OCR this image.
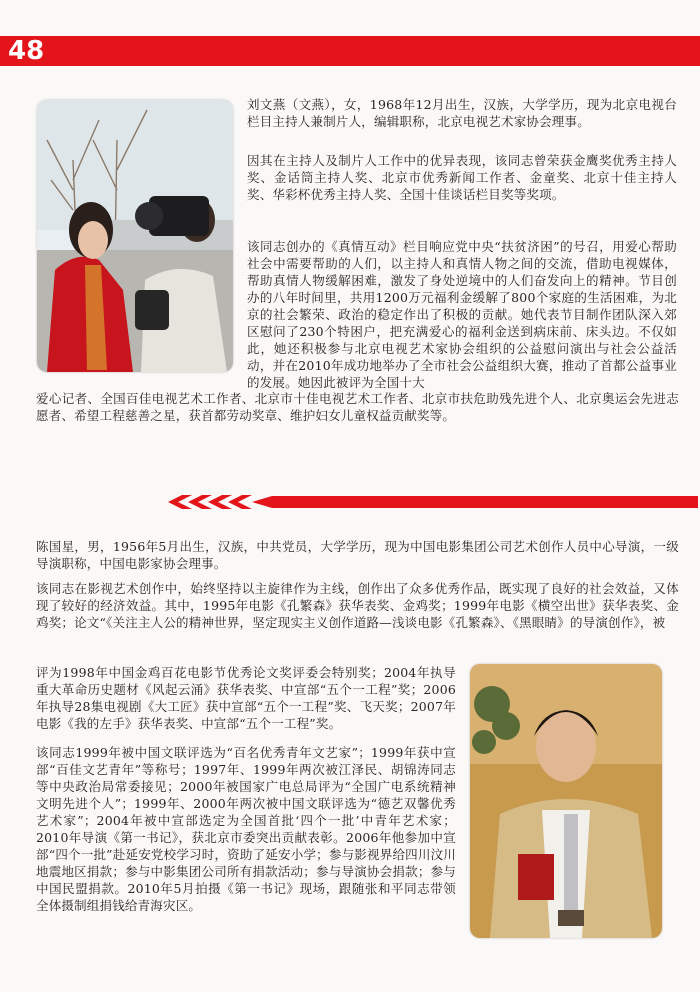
48

刘文燕（文燕），女，1968年12月出生，汉族，大学学历，现为北京电视台栏目主持人兼制片人，编辑职称，北京电视艺术家协会理事。

因其在主持人及制片人工作中的优异表现，该同志曾荣获金鹰奖优秀主持人奖、金话筒主持人奖、北京市优秀新闻工作者、金童奖、北京十佳主持人奖、华彩杯优秀主持人奖、全国十佳谈话栏目奖等奖项。

该同志创办的《真情互动》栏目响应党中央“扶贫济困”的号召，用爱心帮助社会中需要帮助的人们，以主持人和真情人物之间的交流，借助电视媒体，帮助真情人物缓解困难，激发了身处逆境中的人们奋发向上的精神。节目创办的八年时间里，共用1200万元福利金缓解了800个家庭的生活困难，为北京的社会繁荣、政治的稳定作出了积极的贡献。她代表节目制作团队深入郊区慰问了230个特困户，把充满爱心的福利金送到病床前、床头边。不仅如此，她还积极参与北京电视艺术家协会组织的公益慰问演出与社会公益活动，并在2010年成功地举办了全市社会公益组织大赛，推动了首都公益事业的发展。她因此被评为全国十大

爱心记者、全国百佳电视艺术工作者、北京市十佳电视艺术工作者、北京市扶危助残先进个人、北京奥运会先进志愿者、希望工程慈善之星，获首都劳动奖章、维护妇女儿童权益贡献奖等。

陈国星，男，1956年5月出生，汉族，中共党员，大学学历，现为中国电影集团公司艺术创作人员中心导演，一级导演职称，中国电影家协会理事。

该同志在影视艺术创作中，始终坚持以主旋律作为主线，创作出了众多优秀作品，既实现了良好的社会效益，又体现了较好的经济效益。其中，1995年电影《孔繁森》获华表奖、金鸡奖；1999年电影《横空出世》获华表奖、金鸡奖；论文“《关注主人公的精神世界，坚定现实主义创作道路—浅谈电影《孔繁森》、《黑眼睛》的导演创作》，被

评为1998年中国金鸡百花电影节优秀论文奖评委会特别奖；2004年执导重大革命历史题材《风起云涌》获华表奖、中宣部“五个一工程”奖；2006年执导28集电视剧《大工匠》获中宣部“五个一工程”奖、飞天奖；2007年电影《我的左手》获华表奖、中宣部“五个一工程”奖。

该同志1999年被中国文联评选为“百名优秀青年文艺家”；1999年获中宣部“百佳文艺青年”等称号；1997年、1999年两次被江泽民、胡锦涛同志等中央政治局常委接见；2000年被国家广电总局评为“全国广电系统精神文明先进个人”；1999年、2000年两次被中国文联评选为“德艺双馨优秀艺术家”；2004年被中宣部选定为全国首批‘四个一批’中青年艺术家；2010年导演《第一书记》，获北京市委突出贡献表彰。2006年他参加中宣部“四个一批”赴延安党校学习时，资助了延安小学；参与影视界给四川汶川地震地区捐款；参与中影集团公司所有捐款活动；参与导演协会捐款；参与中国民盟捐款。2010年5月拍摄《第一书记》现场，跟随张和平同志带领全体摄制组捐钱给青海灾区。
